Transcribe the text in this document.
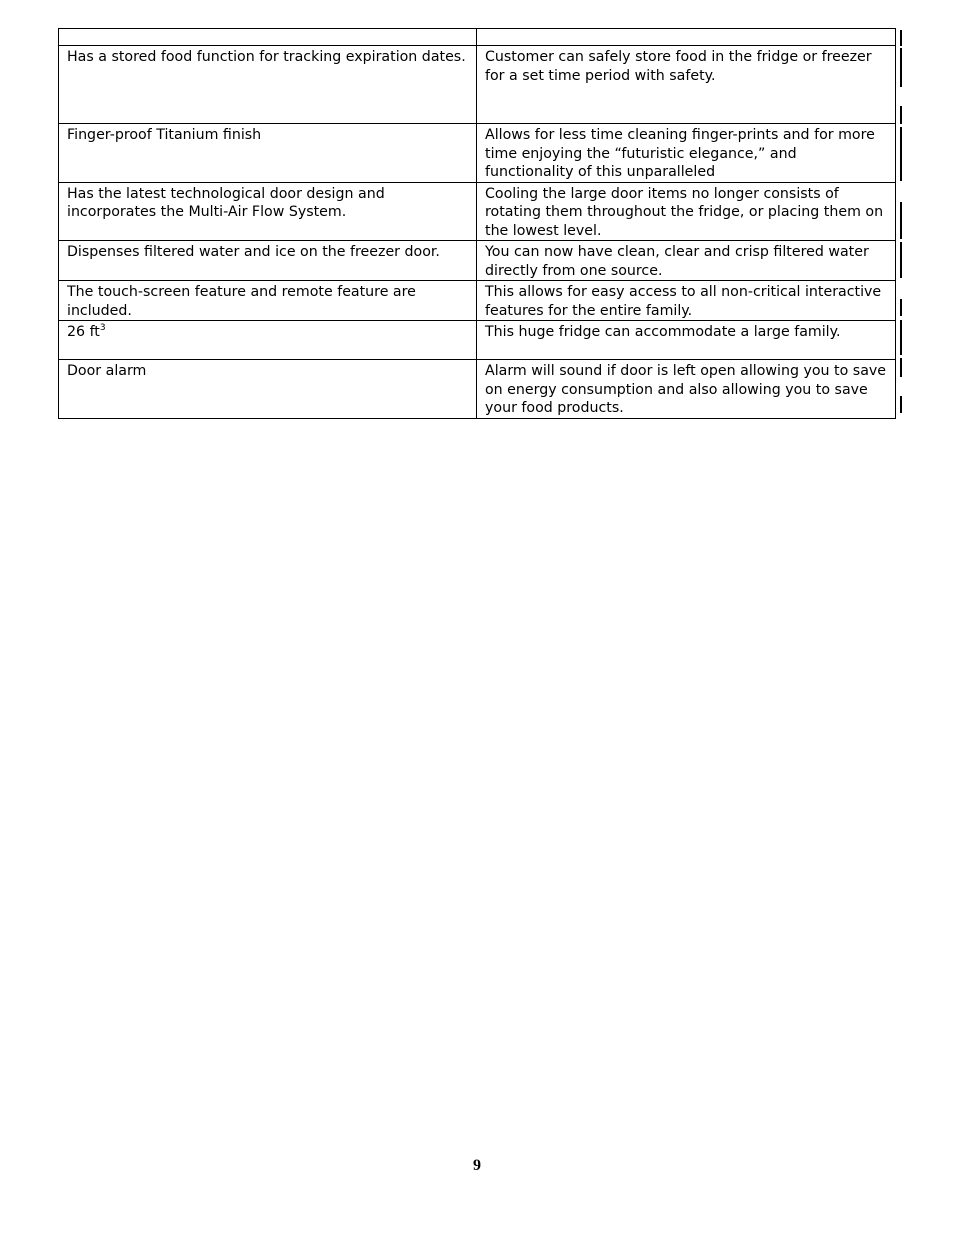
Has a stored food function for tracking expiration dates.	Customer can safely store food in the fridge or freezer for a set time period with safety.
Finger-proof Titanium finish	Allows for less time cleaning finger-prints and for more time enjoying the “futuristic elegance,” and functionality of this unparalleled
Has the latest technological door design and incorporates the Multi-Air Flow System.	Cooling the large door items no longer consists of rotating them throughout the fridge, or placing them on the lowest level.
Dispenses filtered water and ice on the freezer door.	You can now have clean, clear and crisp filtered water directly from one source.
The touch-screen feature and remote feature are included.	This allows for easy access to all non-critical interactive features for the entire family.
26 $ft^3$	This huge fridge can accommodate a large family.
Door alarm	Alarm will sound if door is left open allowing you to save on energy consumption and also allowing you to save your food products.
9
